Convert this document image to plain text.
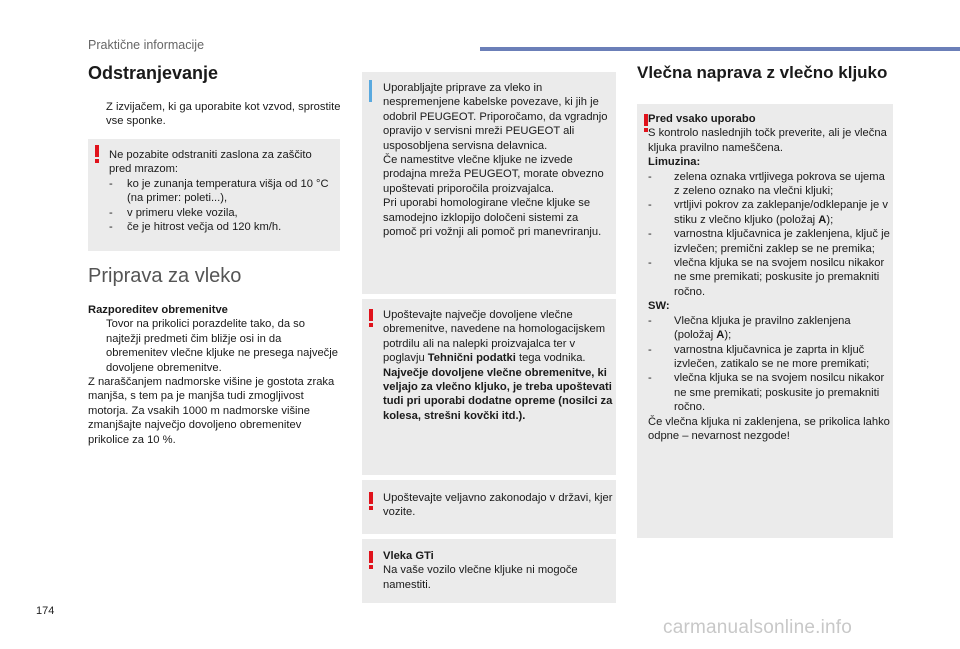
Praktične informacije
Odstranjevanje
Z izvijačem, ki ga uporabite kot vzvod, sprostite vse sponke.

Ne pozabite odstraniti zaslona za zaščito pred mrazom:

- ko je zunanja temperatura višja od 10 °C (na primer: poleti...),
- v primeru vleke vozila,
- če je hitrost večja od 120 km/h.
Priprava za vleko

Razporeditev obremenitve

Tovor na prikolici porazdelite tako, da so najtežji predmeti čim bližje osi in da obremenitev vlečne kljuke ne presega največje dovoljene obremenitve.

Z naraščanjem nadmorske višine je gostota zraka manjša, s tem pa je manjša tudi zmogljivost motorja. Za vsakih 1000 m nadmorske višine zmanjšajte največjo dovoljeno obremenitev prikolice za 10 %.

Uporabljajte priprave za vleko in nespremenjene kabelske povezave, ki jih je odobril PEUGEOT. Priporočamo, da vgradnjo opravijo v servisni mreži PEUGEOT ali usposobljena servisna delavnica.
Če namestitve vlečne kljuke ne izvede prodajna mreža PEUGEOT, morate obvezno upoštevati priporočila proizvajalca.
Pri uporabi homologirane vlečne kljuke se samodejno izklopijo določeni sistemi za pomoč pri vožnji ali pomoč pri manevriranju.

Upoštevajte največje dovoljene vlečne obremenitve, navedene na homologacijskem potrdilu ali na nalepki proizvajalca ter v poglavju Tehnični podatki tega vodnika.

Največje dovoljene vlečne obremenitve, ki veljajo za vlečno kljuko, je treba upoštevati tudi pri uporabi dodatne opreme (nosilci za kolesa, strešni kovčki itd.).

Upoštevajte veljavno zakonodajo v državi, kjer vozite.

Vleka GTi

Na vaše vozilo vlečne kljuke ni mogoče namestiti.

Vlečna naprava z vlečno kljuko

Pred vsako uporabo

S kontrolo naslednjih točk preverite, ali je vlečna kljuka pravilno nameščena.

Limuzina:

- zelena oznaka vrtljivega pokrova se ujema z zeleno oznako na vlečni kljuki;
- vrtljivi pokrov za zaklepanje/odklepanje je v stiku z vlečno kljuko (položaj A);
- varnostna ključavnica je zaklenjena, ključ je izvlečen; premični zaklep se ne premika;
- vlečna kljuka se na svojem nosilcu nikakor ne sme premikati; poskusite jo premakniti ročno.

SW:

- Vlečna kljuka je pravilno zaklenjena (položaj A);
- varnostna ključavnica je zaprta in ključ izvlečen, zatikalo se ne more premikati;
- vlečna kljuka se na svojem nosilcu nikakor ne sme premikati; poskusite jo premakniti ročno.

Če vlečna kljuka ni zaklenjena, se prikolica lahko odpne – nevarnost nezgode!

174
carmanualsonline.info
